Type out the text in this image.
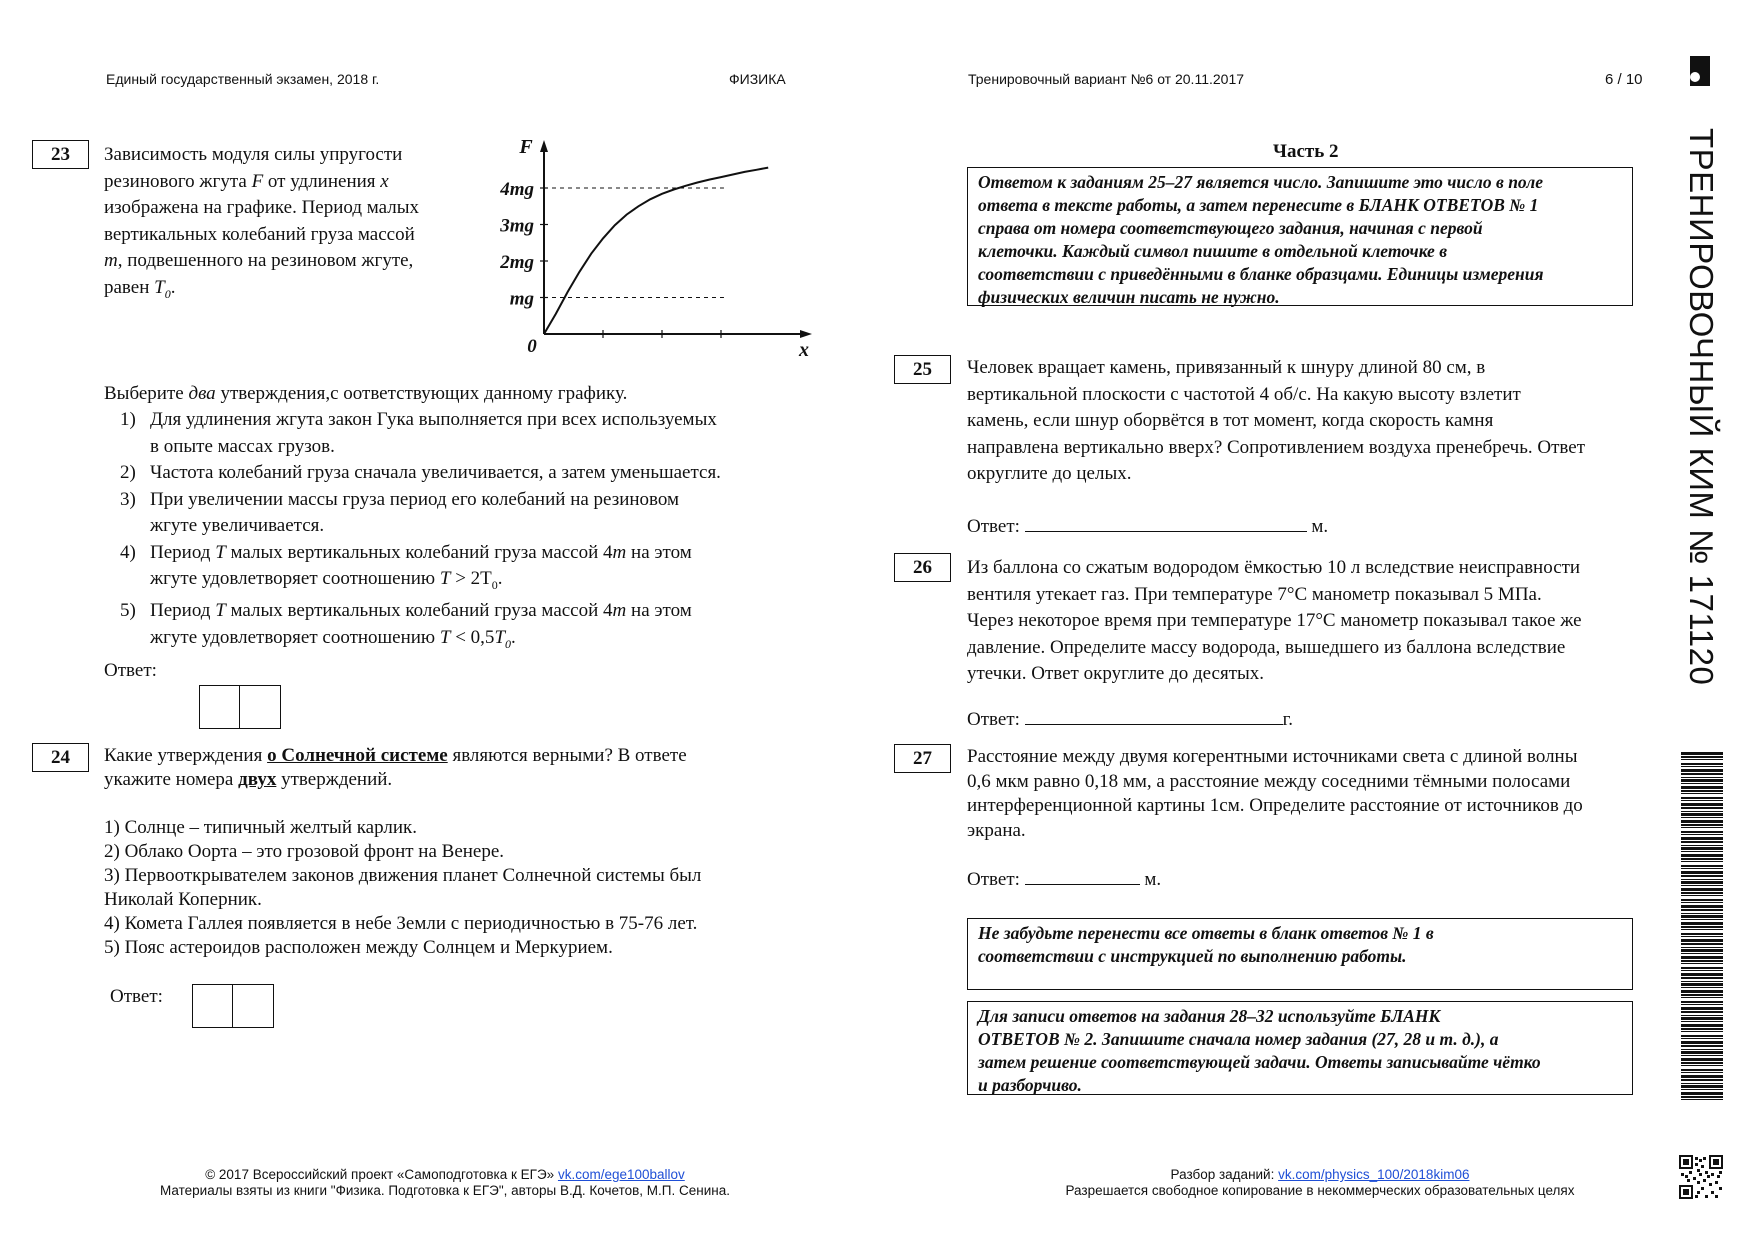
Единый государственный экзамен, 2018 г.	ФИЗИКА	Тренировочный вариант №6 от 20.11.2017	6 / 10
ТРЕНИРОВОЧНЫЙ КИМ № 171120
23	Зависимость модуля силы упругости
резинового жгута F от удлинения x
изображена на графике. Период малых
вертикальных колебаний груза массой
m, подвешенного на резиновом жгуте,
равен $T_0$.
mg
2mg
3mg
4mg
F
x
0
Выберите два утверждения,с оответствующих данному графику.
1) Для удлинения жгута закон Гука выполняется при всех используемых
в опыте массах грузов.
2) Частота колебаний груза сначала увеличивается, а затем уменьшается.
3) При увеличении массы груза период его колебаний на резиновом
жгуте увеличивается.
4) Период T малых вертикальных колебаний груза массой 4m на этом
жгуте удовлетворяет соотношению $T > 2T_0$.
5) Период T малых вертикальных колебаний груза массой 4m на этом
жгуте удовлетворяет соотношению $T < 0,5T_0$.
Ответ:
24	Какие утверждения о Солнечной системе являются верными? В ответе
укажите номера двух утверждений.
1) Солнце – типичный желтый карлик.
2) Облако Оорта – это грозовой фронт на Венере.
3) Первооткрывателем законов движения планет Солнечной системы был
Николай Коперник.
4) Комета Галлея появляется в небе Земли с периодичностью в 75-76 лет.
5) Пояс астероидов расположен между Солнцем и Меркурием.
Ответ:
Часть 2
Ответом к заданиям 25–27 является число. Запишите это число в поле
ответа в тексте работы, а затем перенесите в БЛАНК ОТВЕТОВ № 1
справа от номера соответствующего задания, начиная с первой
клеточки. Каждый символ пишите в отдельной клеточке в
соответствии с приведёнными в бланке образцами. Единицы измерения
физических величин писать не нужно.
25	Человек вращает камень, привязанный к шнуру длиной 80 см, в
вертикальной плоскости с частотой 4 об/с. На какую высоту взлетит
камень, если шнур оборвётся в тот момент, когда скорость камня
направлена вертикально вверх? Сопротивлением воздуха пренебречь. Ответ
округлите до целых.
Ответ:	м.
26	Из баллона со сжатым водородом ёмкостью 10 л вследствие неисправности
вентиля утекает газ. При температуре 7°C манометр показывал 5 МПа.
Через некоторое время при температуре 17°C манометр показывал такое же
давление. Определите массу водорода, вышедшего из баллона вследствие
утечки. Ответ округлите до десятых.
Ответ:	г.
27	Расстояние между двумя когерентными источниками света с длиной волны
0,6 мкм равно 0,18 мм, а расстояние между соседними тёмными полосами
интерференционной картины 1см. Определите расстояние от источников до
экрана.
Ответ:	м.
Не забудьте перенести все ответы в бланк ответов № 1 в
соответствии с инструкцией по выполнению работы.
Для записи ответов на задания 28–32 используйте БЛАНК
ОТВЕТОВ № 2. Запишите сначала номер задания (27, 28 и т. д.), а
затем решение соответствующей задачи. Ответы записывайте чётко
и разборчиво.
© 2017 Всероссийский проект «Самоподготовка к ЕГЭ» vk.com/ege100ballov
Материалы взяты из книги "Физика. Подготовка к ЕГЭ", авторы В.Д. Кочетов, М.П. Сенина.
Разбор заданий: vk.com/physics_100/2018kim06
Разрешается свободное копирование в некоммерческих образовательных целях
